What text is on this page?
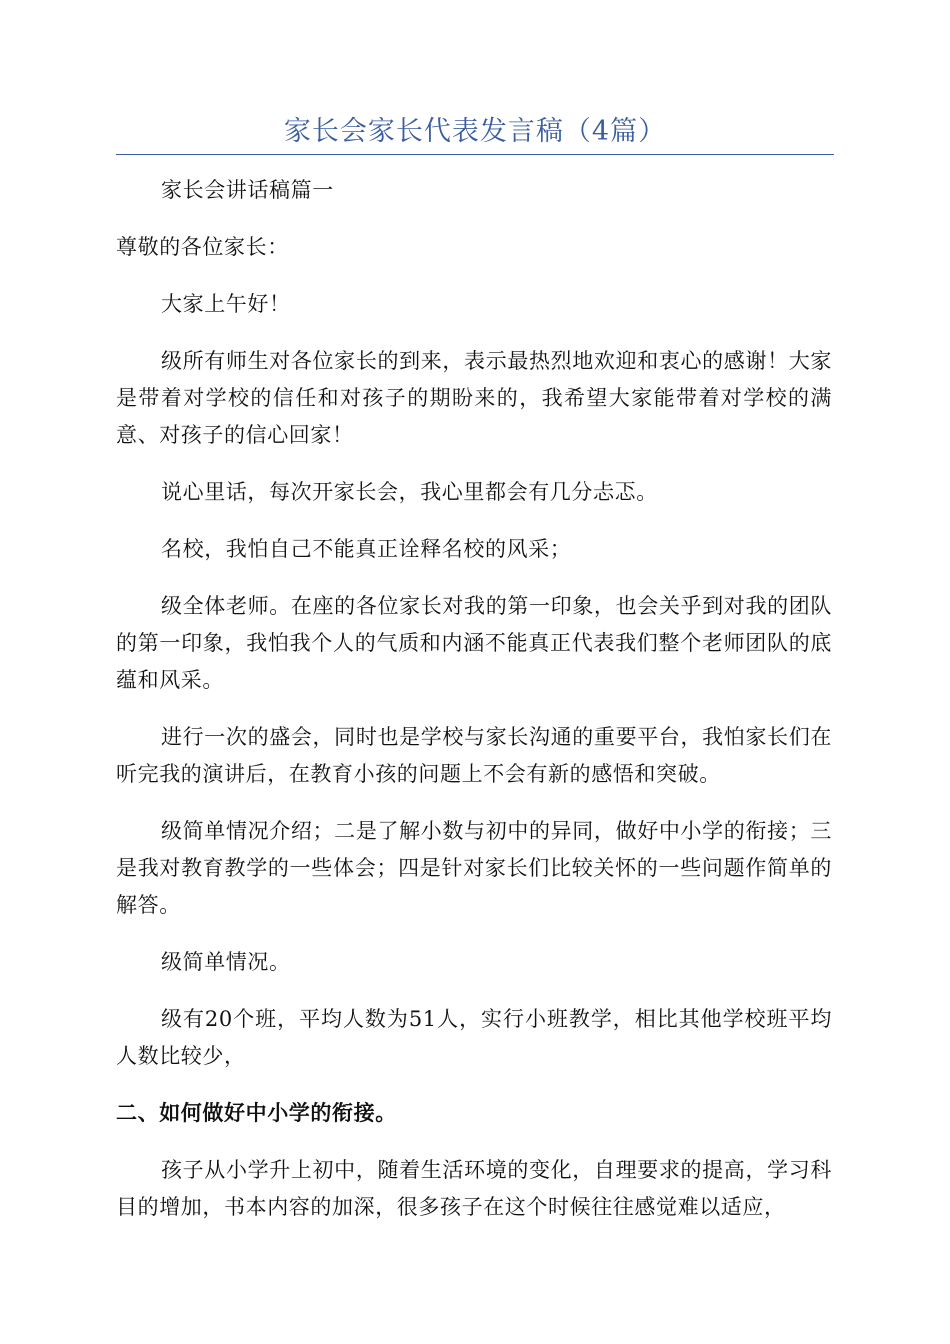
家长会家长代表发言稿（4篇）

家长会讲话稿篇一

尊敬的各位家长：

大家上午好！

级所有师生对各位家长的到来，表示最热烈地欢迎和衷心的感谢！大家是带着对学校的信任和对孩子的期盼来的，我希望大家能带着对学校的满意、对孩子的信心回家！

说心里话，每次开家长会，我心里都会有几分忐忑。

名校，我怕自己不能真正诠释名校的风采；

级全体老师。在座的各位家长对我的第一印象，也会关乎到对我的团队的第一印象，我怕我个人的气质和内涵不能真正代表我们整个老师团队的底蕴和风采。

进行一次的盛会，同时也是学校与家长沟通的重要平台，我怕家长们在听完我的演讲后，在教育小孩的问题上不会有新的感悟和突破。

级简单情况介绍；二是了解小数与初中的异同，做好中小学的衔接；三是我对教育教学的一些体会；四是针对家长们比较关怀的一些问题作简单的解答。

级简单情况。

级有20个班，平均人数为51人，实行小班教学，相比其他学校班平均人数比较少，

二、如何做好中小学的衔接。

孩子从小学升上初中，随着生活环境的变化，自理要求的提高，学习科目的增加，书本内容的加深，很多孩子在这个时候往往感觉难以适应，
